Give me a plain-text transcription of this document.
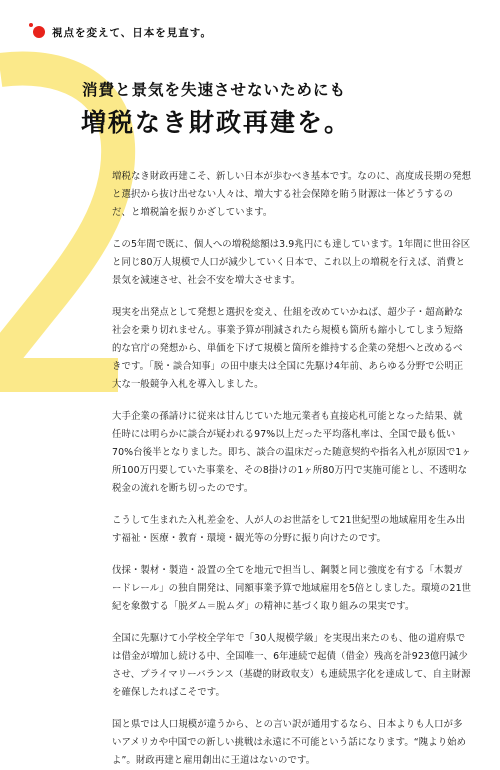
視点を変えて、日本を見直す。
消費と景気を失速させないためにも
増税なき財政再建を。

増税なき財政再建こそ、新しい日本が歩むべき基本です。なのに、高度成長期の発想と選択から抜け出せない人々は、増大する社会保障を賄う財源は一体どうするのだ、と増税論を振りかざしています。

この5年間で既に、個人への増税総額は3.9兆円にも達しています。1年間に世田谷区と同じ80万人規模で人口が減少していく日本で、これ以上の増税を行えば、消費と景気を減速させ、社会不安を増大させます。

現実を出発点として発想と選択を変え、仕組を改めていかねば、超少子・超高齢な社会を乗り切れません。事業予算が削減されたら規模も箇所も縮小してしまう短絡的な官庁の発想から、単価を下げて規模と箇所を維持する企業の発想へと改めるべきです。「脱・談合知事」の田中康夫は全国に先駆け4年前、あらゆる分野で公明正大な一般競争入札を導入しました。

大手企業の孫請けに従来は甘んじていた地元業者も直接応札可能となった結果、就任時には明らかに談合が疑われる97%以上だった平均落札率は、全国で最も低い70%台後半となりました。即ち、談合の温床だった随意契約や指名入札が原因で1ヶ所100万円要していた事業を、その8掛けの1ヶ所80万円で実施可能とし、不透明な税金の流れを断ち切ったのです。

こうして生まれた入札差金を、人が人のお世話をして21世紀型の地域雇用を生み出す福祉・医療・教育・環境・観光等の分野に振り向けたのです。

伐採・製材・製造・設置の全てを地元で担当し、鋼製と同じ強度を有する「木製ガードレール」の独自開発は、同額事業予算で地域雇用を5倍としました。環境の21世紀を象徴する「脱ダム＝脱ムダ」の精神に基づく取り組みの果実です。

全国に先駆けて小学校全学年で「30人規模学級」を実現出来たのも、他の道府県では借金が増加し続ける中、全国唯一、6年連続で起債（借金）残高を計923億円減少させ、プライマリーバランス（基礎的財政収支）も連続黒字化を達成して、自主財源を確保したればこそです。

国と県では人口規模が違うから、との言い訳が通用するなら、日本よりも人口が多いアメリカや中国での新しい挑戦は永遠に不可能という話になります。“隗より始めよ”。財政再建と雇用創出に王道はないのです。
